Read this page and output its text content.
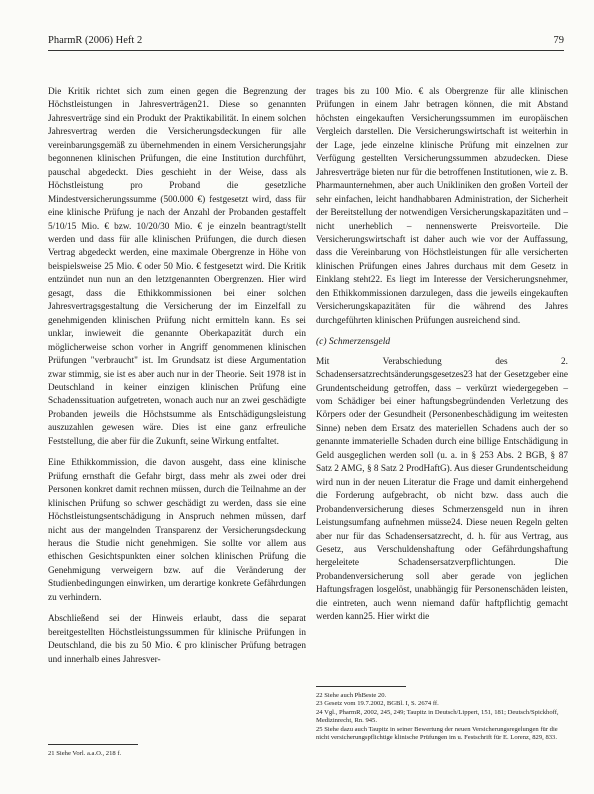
PharmR (2006) Heft 2	79

Die Kritik richtet sich zum einen gegen die Begrenzung der Höchstleistungen in Jahresverträgen21. Diese so genannten Jahresverträge sind ein Produkt der Praktikabilität. In einem solchen Jahresvertrag werden die Versicherungsdeckungen für alle vereinbarungsgemäß zu übernehmenden in einem Versicherungsjahr begonnenen klinischen Prüfungen, die eine Institution durchführt, pauschal abgedeckt. Dies geschieht in der Weise, dass als Höchstleistung pro Proband die gesetzliche Mindestversicherungssumme (500.000 €) festgesetzt wird, dass für eine klinische Prüfung je nach der Anzahl der Probanden gestaffelt 5/10/15 Mio. € bzw. 10/20/30 Mio. € je einzeln beantragt/stellt werden und dass für alle klinischen Prüfungen, die durch diesen Vertrag abgedeckt werden, eine maximale Obergrenze in Höhe von beispielsweise 25 Mio. € oder 50 Mio. € festgesetzt wird. Die Kritik entzündet nun nun an den letztgenannten Obergrenzen. Hier wird gesagt, dass die Ethikkommissionen bei einer solchen Jahresvertragsgestaltung die Versicherung der im Einzelfall zu genehmigenden klinischen Prüfung nicht ermitteln kann. Es sei unklar, inwieweit die genannte Oberkapazität durch ein möglicherweise schon vorher in Angriff genommenen klinischen Prüfungen "verbraucht" ist. Im Grundsatz ist diese Argumentation zwar stimmig, sie ist es aber auch nur in der Theorie. Seit 1978 ist in Deutschland in keiner einzigen klinischen Prüfung eine Schadenssituation aufgetreten, wonach auch nur an zwei geschädigte Probanden jeweils die Höchstsumme als Entschädigungsleistung auszuzahlen gewesen wäre. Dies ist eine ganz erfreuliche Feststellung, die aber für die Zukunft, seine Wirkung entfaltet.

Eine Ethikkommission, die davon ausgeht, dass eine klinische Prüfung ernsthaft die Gefahr birgt, dass mehr als zwei oder drei Personen konkret damit rechnen müssen, durch die Teilnahme an der klinischen Prüfung so schwer geschädigt zu werden, dass sie eine Höchstleistungsentschädigung in Anspruch nehmen müssen, darf nicht aus der mangelnden Transparenz der Versicherungsdeckung heraus die Studie nicht genehmigen. Sie sollte vor allem aus ethischen Gesichtspunkten einer solchen klinischen Prüfung die Genehmigung verweigern bzw. auf die Veränderung der Studienbedingungen einwirken, um derartige konkrete Gefährdungen zu verhindern.

Abschließend sei der Hinweis erlaubt, dass die separat bereitgestellten Höchstleistungssummen für klinische Prüfungen in Deutschland, die bis zu 50 Mio. € pro klinischer Prüfung betragen und innerhalb eines Jahresver-

21 Siehe Vorl. a.a.O., 218 f.

trages bis zu 100 Mio. € als Obergrenze für alle klinischen Prüfungen in einem Jahr betragen können, die mit Abstand höchsten eingekauften Versicherungssummen im europäischen Vergleich darstellen. Die Versicherungswirtschaft ist weiterhin in der Lage, jede einzelne klinische Prüfung mit einzelnen zur Verfügung gestellten Versicherungssummen abzudecken. Diese Jahresverträge bieten nur für die betroffenen Institutionen, wie z. B. Pharmaunternehmen, aber auch Unikliniken den großen Vorteil der sehr einfachen, leicht handhabbaren Administration, der Sicherheit der Bereitstellung der notwendigen Versicherungskapazitäten und – nicht unerheblich – nennenswerte Preisvorteile. Die Versicherungswirtschaft ist daher auch wie vor der Auffassung, dass die Vereinbarung von Höchstleistungen für alle versicherten klinischen Prüfungen eines Jahres durchaus mit dem Gesetz in Einklang steht22. Es liegt im Interesse der Versicherungsnehmer, den Ethikkommissionen darzulegen, dass die jeweils eingekauften Versicherungskapazitäten für die während des Jahres durchgeführten klinischen Prüfungen ausreichend sind.

(c) Schmerzensgeld

Mit Verabschiedung des 2. Schadensersatzrechtsänderungsgesetzes23 hat der Gesetzgeber eine Grundentscheidung getroffen, dass – verkürzt wiedergegeben – vom Schädiger bei einer haftungsbegründenden Verletzung des Körpers oder der Gesundheit (Personenbeschädigung im weitesten Sinne) neben dem Ersatz des materiellen Schadens auch der so genannte immaterielle Schaden durch eine billige Entschädigung in Geld ausgeglichen werden soll (u. a. in § 253 Abs. 2 BGB, § 87 Satz 2 AMG, § 8 Satz 2 ProdHaftG). Aus dieser Grundentscheidung wird nun in der neuen Literatur die Frage und damit einhergehend die Forderung aufgebracht, ob nicht bzw. dass auch die Probandenversicherung dieses Schmerzensgeld nun in ihren Leistungsumfang aufnehmen müsse24. Diese neuen Regeln gelten aber nur für das Schadensersatzrecht, d. h. für aus Vertrag, aus Gesetz, aus Verschuldenshaftung oder Gefährdungshaftung hergeleitete Schadensersatzverpflichtungen. Die Probandenversicherung soll aber gerade von jeglichen Haftungsfragen losgelöst, unabhängig für Personenschäden leisten, die eintreten, auch wenn niemand dafür haftpflichtig gemacht werden kann25. Hier wirkt die

22 Siehe auch PhBeste 20.
23 Gesetz vom 19.7.2002, BGBl. I, S. 2674 ff.
24 Vgl., PharmR, 2002, 245, 249; Taupitz in Deutsch/Lippert, 151, 181; Deutsch/Spickhoff, Medizinrecht, Rn. 945.
25 Siehe dazu auch Taupitz in seiner Bewertung der neuen Versicherungsregelungen für die nicht versicherungspflichtige klinische Prüfungen im u. Festschrift für E. Lorenz, 829, 833.
